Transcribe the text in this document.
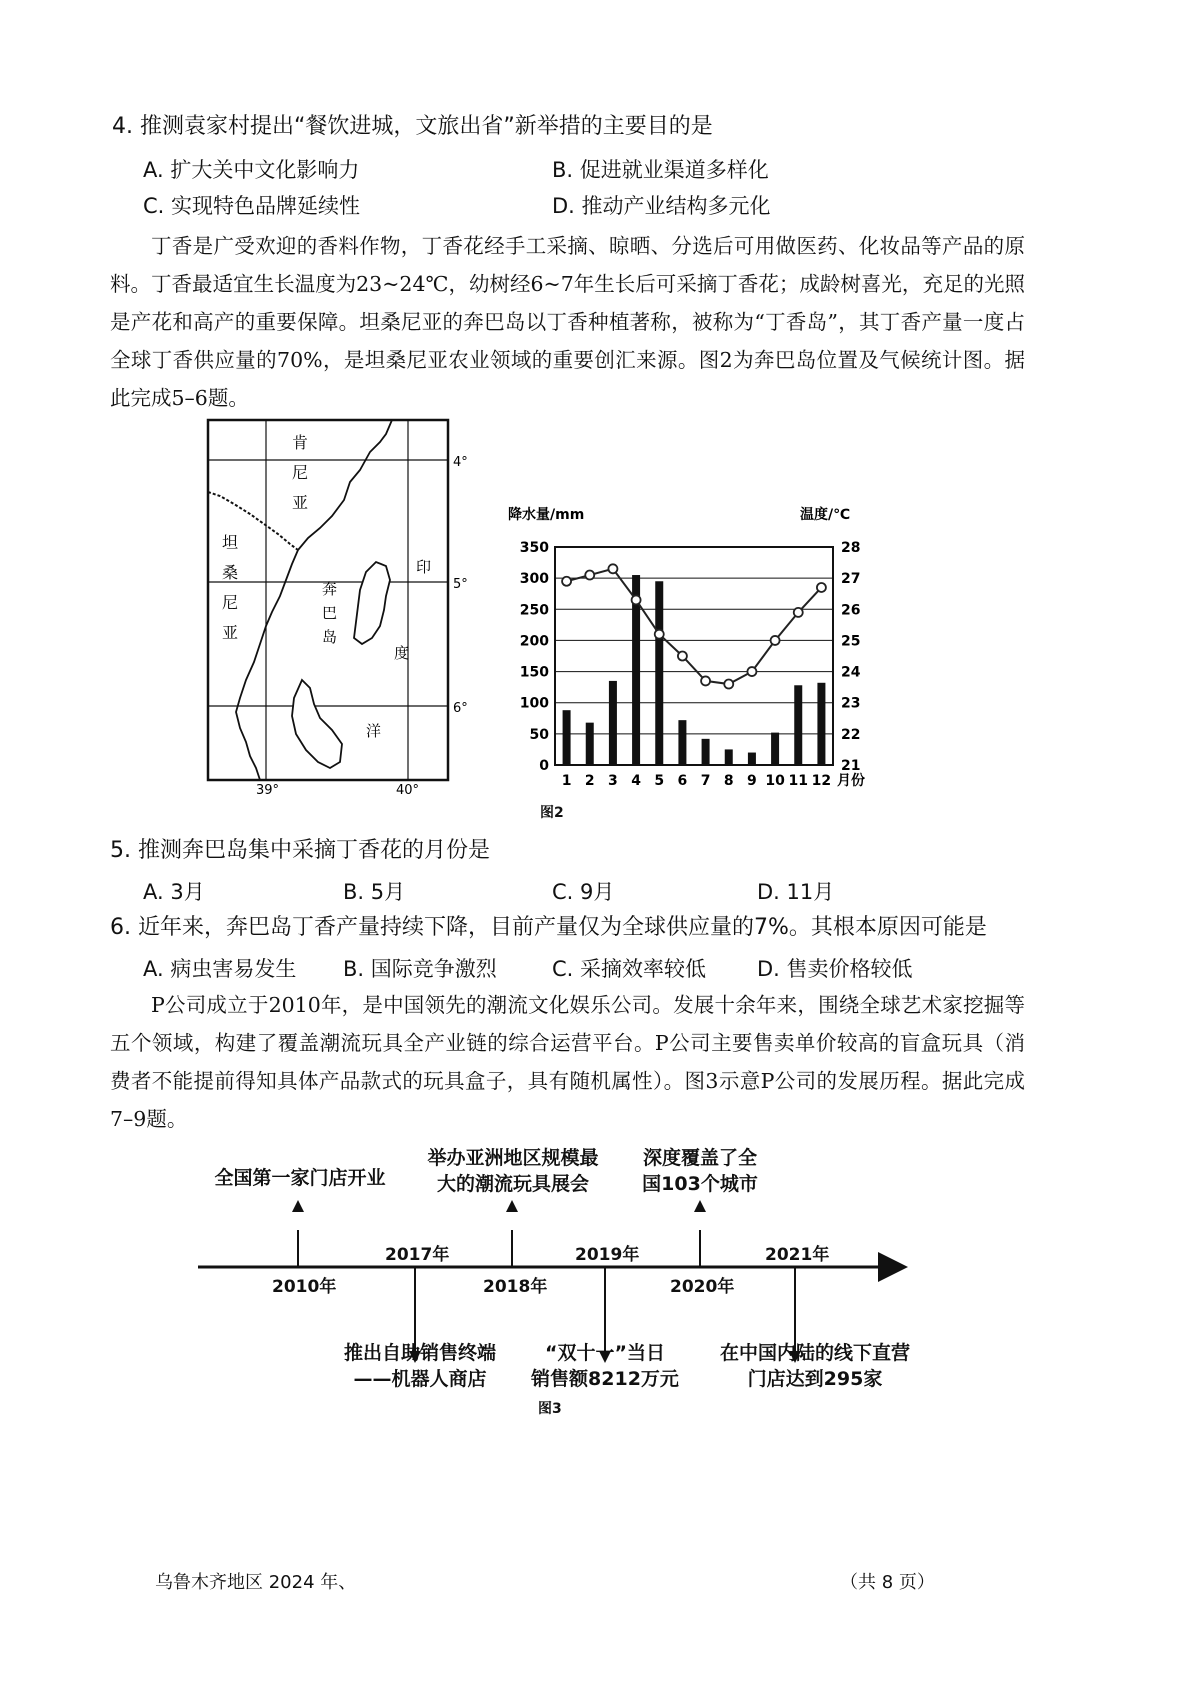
4. 推测袁家村提出“餐饮进城，文旅出省”新举措的主要目的是
A. 扩大关中文化影响力	B. 促进就业渠道多样化
C. 实现特色品牌延续性	D. 推动产业结构多元化

丁香是广受欢迎的香料作物，丁香花经手工采摘、晾晒、分选后可用做医药、化妆品等产品的原料。丁香最适宜生长温度为23~24℃，幼树经6~7年生长后可采摘丁香花；成龄树喜光，充足的光照是产花和高产的重要保障。坦桑尼亚的奔巴岛以丁香种植著称，被称为“丁香岛”，其丁香产量一度占全球丁香供应量的70%，是坦桑尼亚农业领域的重要创汇来源。图2为奔巴岛位置及气候统计图。据此完成5–6题。

4°
5°
6°
39°	40°
肯
尼
亚
坦
桑
尼
亚
奔
巴
岛
印
度
洋
降水量/mm	温度/℃
0
50
100
150
200
250
300
350
21
22
23
24
25
26
27
28
1 2 3 4 5 6 7 8 9 10 11 12 月份
图2
5. 推测奔巴岛集中采摘丁香花的月份是
A. 3月	B. 5月	C. 9月	D. 11月
6. 近年来，奔巴岛丁香产量持续下降，目前产量仅为全球供应量的7%。其根本原因可能是
A. 病虫害易发生 B. 国际竞争激烈	C. 采摘效率较低 D. 售卖价格较低

P公司成立于2010年，是中国领先的潮流文化娱乐公司。发展十余年来，围绕全球艺术家挖掘等五个领域，构建了覆盖潮流玩具全产业链的综合运营平台。P公司主要售卖单价较高的盲盒玩具（消费者不能提前得知具体产品款式的玩具盒子，具有随机属性）。图3示意P公司的发展历程。据此完成7–9题。

全国第一家门店开业
举办亚洲地区规模最
大的潮流玩具展会
深度覆盖了全
国103个城市
2010年
2017年
2018年
2019年
2020年
2021年
推出自助销售终端
——机器人商店
“双十一”当日
销售额8212万元
在中国内陆的线下直营
门店达到295家
图3
乌鲁木齐地区 2024 年、	（共 8 页）
